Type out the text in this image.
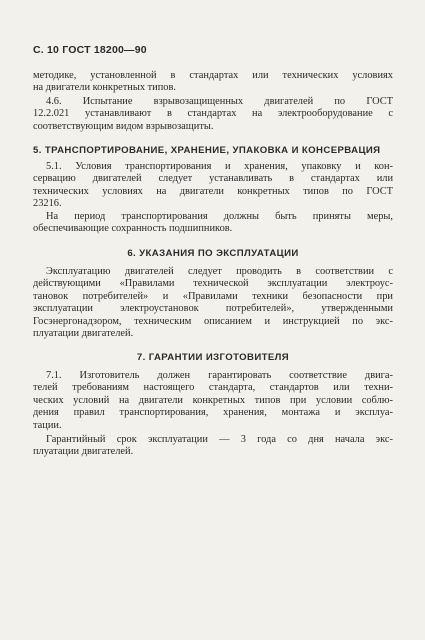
С. 10 ГОСТ 18200—90
методике, установленной в стандартах или технических условиях
на двигатели конкретных типов.
4.6. Испытание взрывозащищенных двигателей по ГОСТ
12.2.021 устанавливают в стандартах на электрооборудование с
соответствующим видом взрывозащиты.
5. ТРАНСПОРТИРОВАНИЕ, ХРАНЕНИЕ, УПАКОВКА И КОНСЕРВАЦИЯ
5.1. Условия транспортирования и хранения, упаковку и кон-
сервацию двигателей следует устанавливать в стандартах или
технических условиях на двигатели конкретных типов по ГОСТ
23216.
На период транспортирования должны быть приняты меры,
обеспечивающие сохранность подшипников.
6. УКАЗАНИЯ ПО ЭКСПЛУАТАЦИИ
Эксплуатацию двигателей следует проводить в соответствии с
действующими «Правилами технической эксплуатации электроус-
тановок потребителей» и «Правилами техники безопасности при
эксплуатации электроустановок потребителей», утвержденными
Госэнергонадзором, техническим описанием и инструкцией по экс-
плуатации двигателей.
7. ГАРАНТИИ ИЗГОТОВИТЕЛЯ
7.1. Изготовитель должен гарантировать соответствие двига-
телей требованиям настоящего стандарта, стандартов или техни-
ческих условий на двигатели конкретных типов при условии соблю-
дения правил транспортирования, хранения, монтажа и эксплуа-
тации.
Гарантийный срок эксплуатации — 3 года со дня начала экс-
плуатации двигателей.
